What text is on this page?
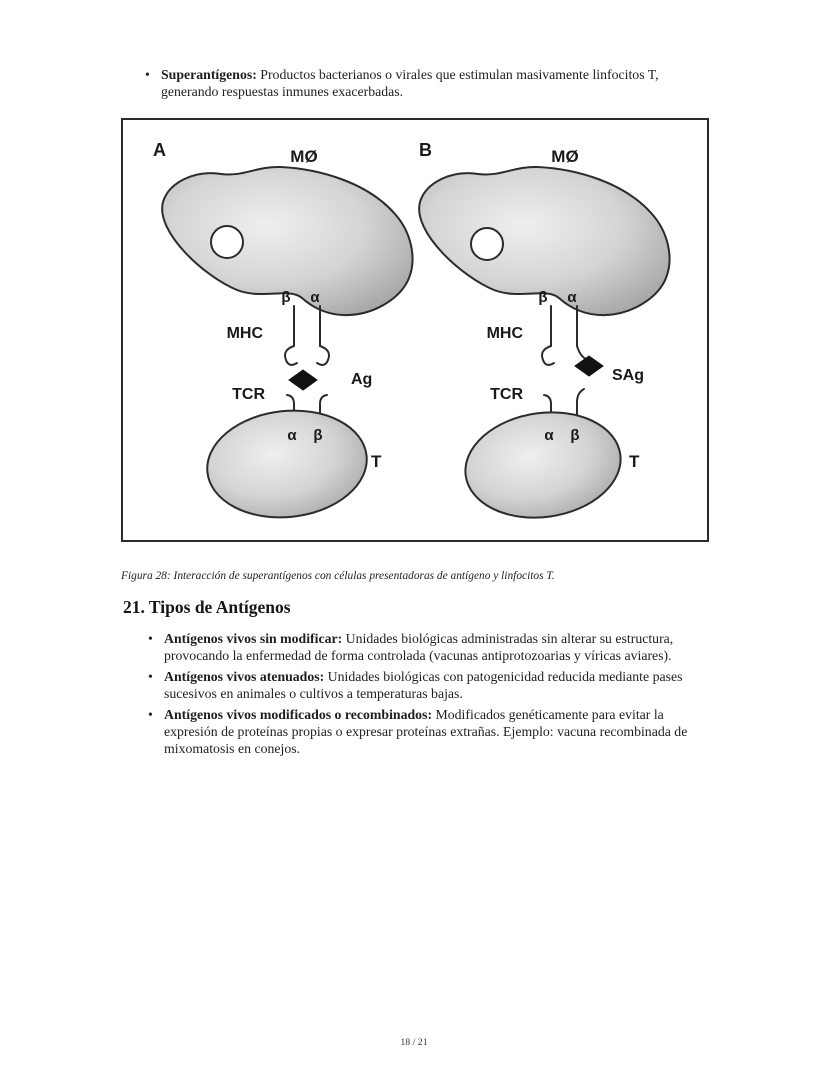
• Superantígenos: Productos bacterianos o virales que estimulan masivamente linfocitos T, generando respuestas inmunes exacerbadas.
A	MØ
β α
MHC
Ag
TCR
α β
T
B	MØ
β α
MHC
SAg
TCR
α β
T

Figura 28: Interacción de superantígenos con células presentadoras de antígeno y linfocitos T.

21. Tipos de Antígenos
• Antígenos vivos sin modificar: Unidades biológicas administradas sin alterar su estructura, provocando la enfermedad de forma controlada (vacunas antiprotozoarias y víricas aviares).
• Antígenos vivos atenuados: Unidades biológicas con patogenicidad reducida mediante pases sucesivos en animales o cultivos a temperaturas bajas.
• Antígenos vivos modificados o recombinados: Modificados genéticamente para evitar la expresión de proteínas propias o expresar proteínas extrañas. Ejemplo: vacuna recombinada de mixomatosis en conejos.
18 / 21
